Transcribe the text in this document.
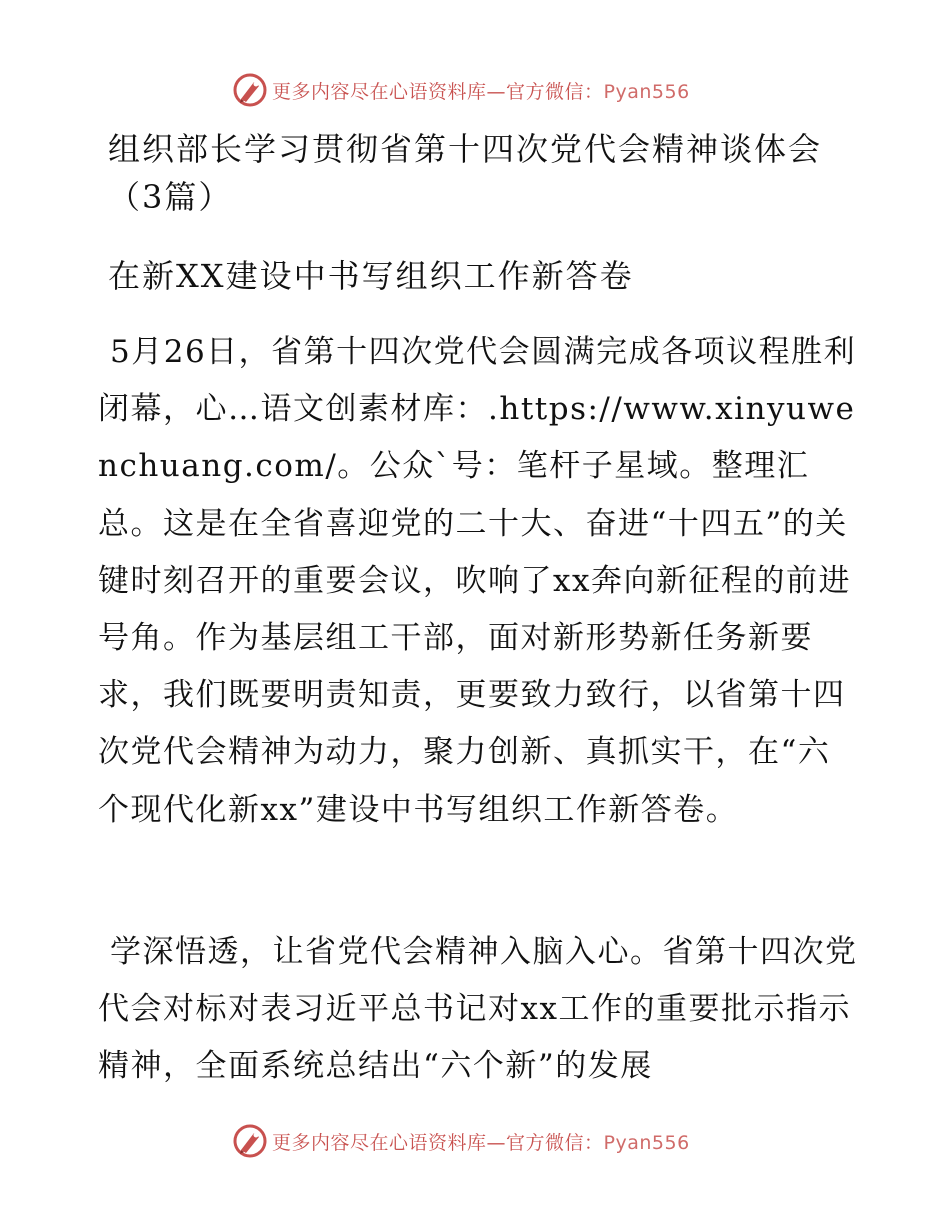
更多内容尽在心语资料库—官方微信：Pyan556
组织部长学习贯彻省第十四次党代会精神谈体会（3篇）
在新XX建设中书写组织工作新答卷

5月26日，省第十四次党代会圆满完成各项议程胜利闭幕，心…语文创素材库：.https://www.xinyuwenchuang.com/。公众`号：笔杆子星域。整理汇总。这是在全省喜迎党的二十大、奋进“十四五”的关键时刻召开的重要会议，吹响了xx奔向新征程的前进号角。作为基层组工干部，面对新形势新任务新要求，我们既要明责知责，更要致力致行，以省第十四次党代会精神为动力，聚力创新、真抓实干，在“六个现代化新xx”建设中书写组织工作新答卷。

学深悟透，让省党代会精神入脑入心。省第十四次党代会对标对表习近平总书记对xx工作的重要批示指示精神，全面系统总结出“六个新”的发展

更多内容尽在心语资料库—官方微信：Pyan556
